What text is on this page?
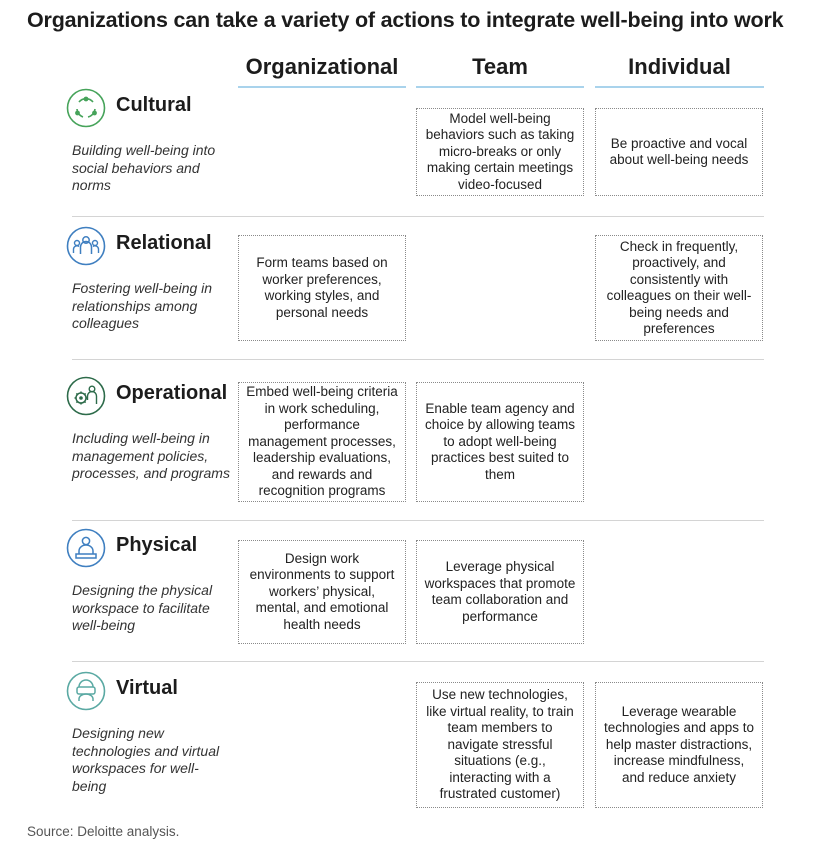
Organizations can take a variety of actions to integrate well-being into work
Organizational	Team	Individual
Cultural
Building well-being into social behaviors and norms
Model well-being behaviors such as taking micro-breaks or only making certain meetings video-focused
Be proactive and vocal about well-being needs
Relational
Fostering well-being in relationships among colleagues
Form teams based on worker preferences, working styles, and personal needs
Check in frequently, proactively, and consistently with colleagues on their well-being needs and preferences
Operational
Including well-being in management policies, processes, and programs
Embed well-being criteria in work scheduling, performance management processes, leadership evaluations, and rewards and recognition programs
Enable team agency and choice by allowing teams to adopt well-being practices best suited to them
Physical
Designing the physical workspace to facilitate well-being
Design work environments to support workers’ physical, mental, and emotional health needs
Leverage physical workspaces that promote team collaboration and performance
Virtual
Designing new technologies and virtual workspaces for well-being
Use new technologies, like virtual reality, to train team members to navigate stressful situations (e.g., interacting with a frustrated customer)
Leverage wearable technologies and apps to help master distractions, increase mindfulness, and reduce anxiety
Source: Deloitte analysis.
